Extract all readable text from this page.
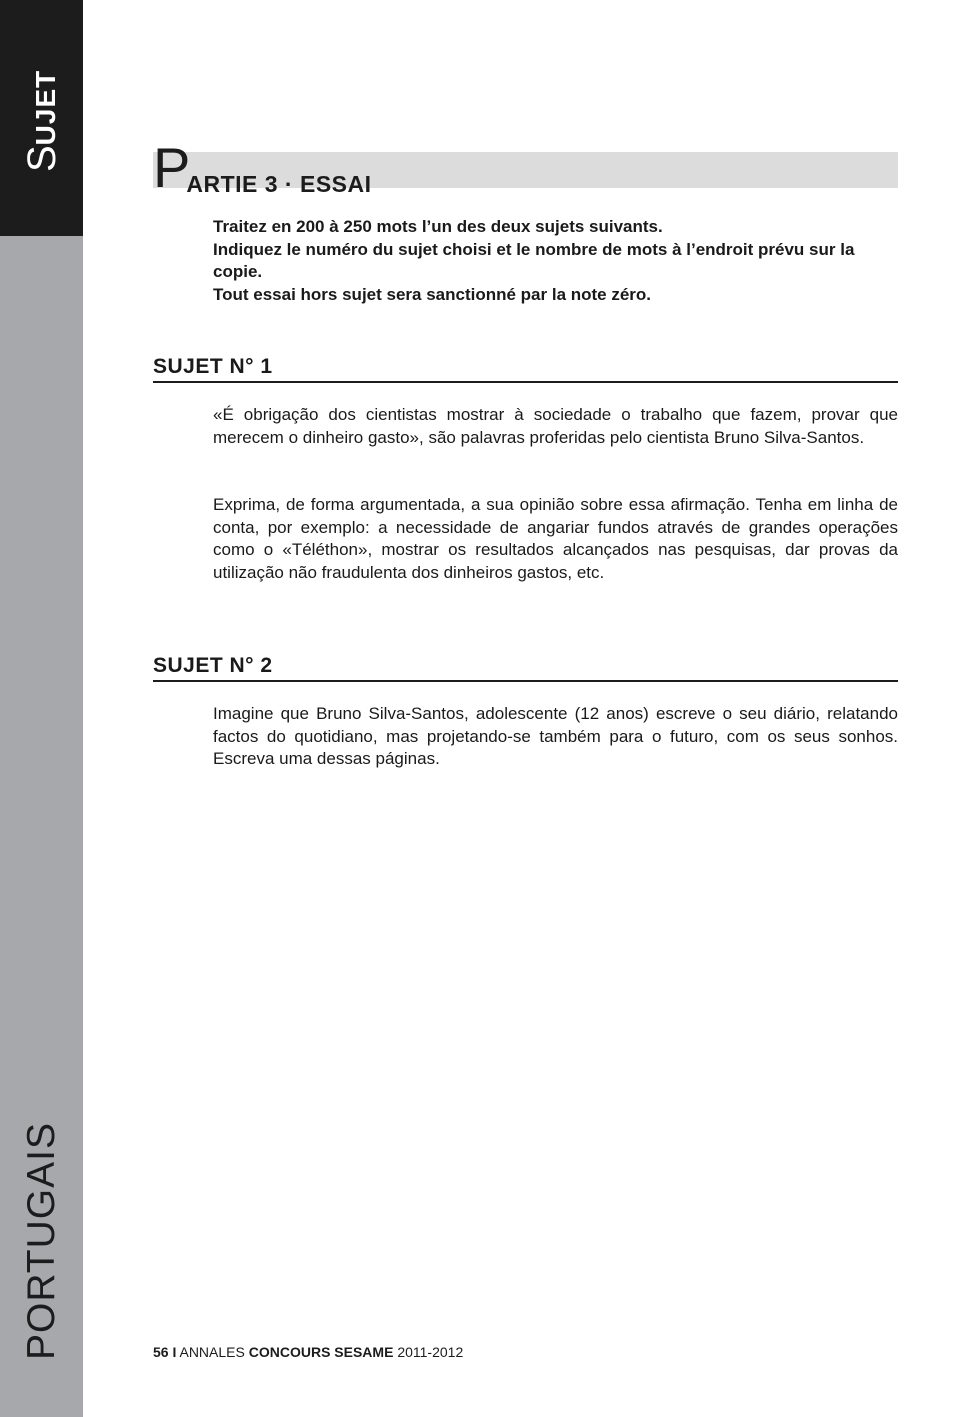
SUJET
PORTUGAIS
PARTIE 3 · ESSAI
Traitez en 200 à 250 mots l’un des deux sujets suivants.
Indiquez le numéro du sujet choisi et le nombre de mots à l’endroit prévu sur la copie.
Tout essai hors sujet sera sanctionné par la note zéro.
SUJET N° 1
«É obrigação dos cientistas mostrar à sociedade o trabalho que fazem, provar que merecem o dinheiro gasto», são palavras proferidas pelo cientista Bruno Silva-Santos.
Exprima, de forma argumentada, a sua opinião sobre essa afirmação. Tenha em linha de conta, por exemplo: a necessidade de angariar fundos através de grandes operações como o «Téléthon», mostrar os resultados alcançados nas pesquisas, dar provas da utilização não fraudulenta dos dinheiros gastos, etc.
SUJET N° 2
Imagine que Bruno Silva-Santos, adolescente (12 anos) escreve o seu diário, relatando factos do quotidiano, mas projetando-se também para o futuro, com os seus sonhos. Escreva uma dessas páginas.
56 I ANNALES CONCOURS SESAME 2011-2012
